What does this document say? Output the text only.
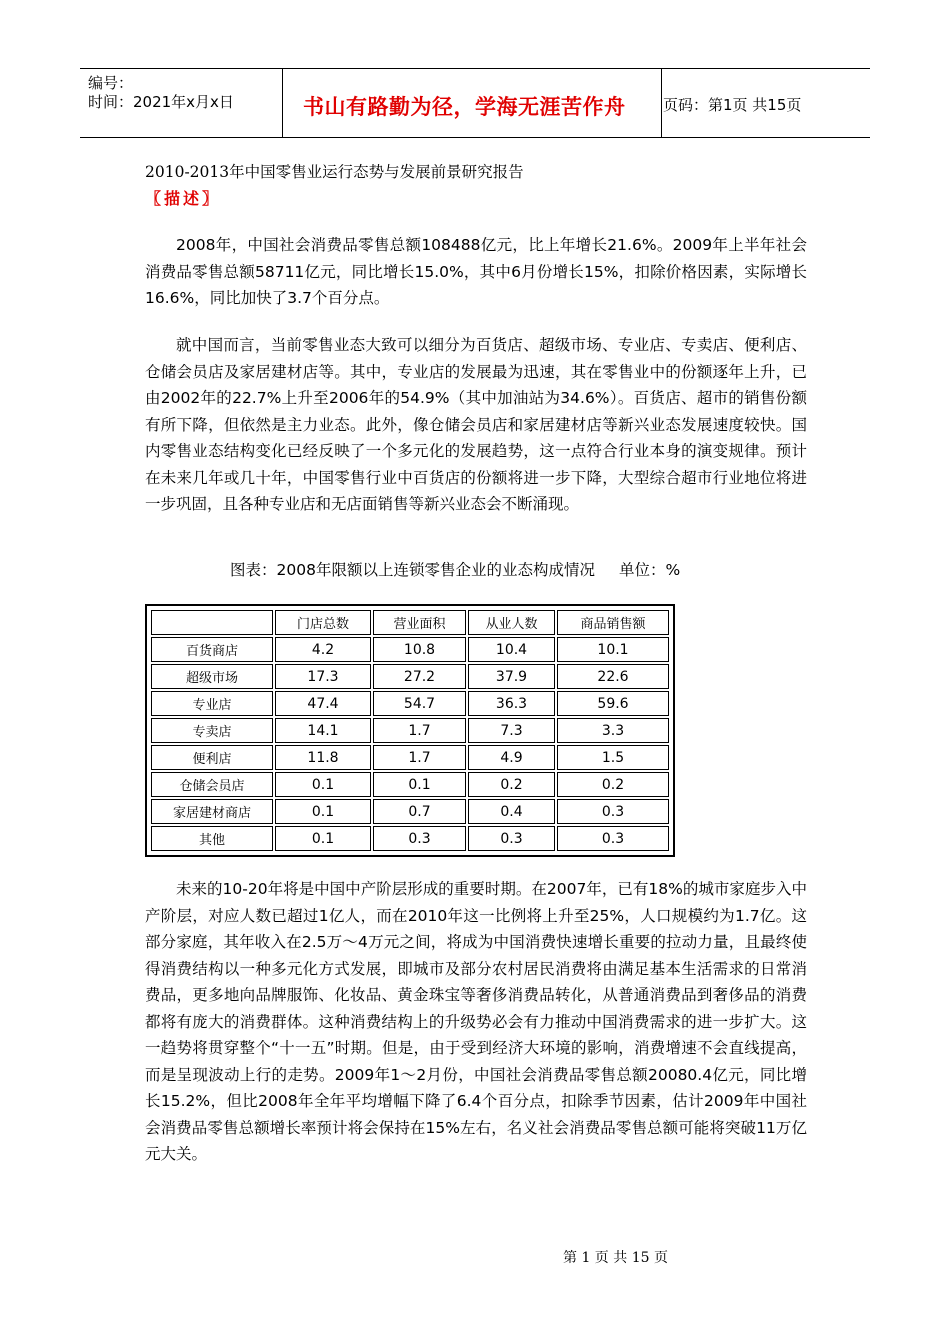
编号：
时间：2021年x月x日	书山有路勤为径，学海无涯苦作舟	页码：第1页 共15页
2010-2013年中国零售业运行态势与发展前景研究报告
〖描述〗
2008年，中国社会消费品零售总额108488亿元，比上年增长21.6%。2009年上半年社会消费品零售总额58711亿元，同比增长15.0%，其中6月份增长15%，扣除价格因素，实际增长16.6%，同比加快了3.7个百分点。
就中国而言，当前零售业态大致可以细分为百货店、超级市场、专业店、专卖店、便利店、仓储会员店及家居建材店等。其中，专业店的发展最为迅速，其在零售业中的份额逐年上升，已由2002年的22.7%上升至2006年的54.9%（其中加油站为34.6%）。百货店、超市的销售份额有所下降，但依然是主力业态。此外，像仓储会员店和家居建材店等新兴业态发展速度较快。国内零售业态结构变化已经反映了一个多元化的发展趋势，这一点符合行业本身的演变规律。预计在未来几年或几十年，中国零售行业中百货店的份额将进一步下降，大型综合超市行业地位将进一步巩固，且各种专业店和无店面销售等新兴业态会不断涌现。
图表：2008年限额以上连锁零售企业的业态构成情况 单位：%
	门店总数	营业面积	从业人数	商品销售额
百货商店	4.2	10.8	10.4	10.1
超级市场	17.3	27.2	37.9	22.6
专业店	47.4	54.7	36.3	59.6
专卖店	14.1	1.7	7.3	3.3
便利店	11.8	1.7	4.9	1.5
仓储会员店	0.1	0.1	0.2	0.2
家居建材商店	0.1	0.7	0.4	0.3
其他	0.1	0.3	0.3	0.3
未来的10-20年将是中国中产阶层形成的重要时期。在2007年，已有18%的城市家庭步入中产阶层，对应人数已超过1亿人，而在2010年这一比例将上升至25%，人口规模约为1.7亿。这部分家庭，其年收入在2.5万～4万元之间，将成为中国消费快速增长重要的拉动力量，且最终使得消费结构以一种多元化方式发展，即城市及部分农村居民消费将由满足基本生活需求的日常消费品，更多地向品牌服饰、化妆品、黄金珠宝等奢侈消费品转化，从普通消费品到奢侈品的消费都将有庞大的消费群体。这种消费结构上的升级势必会有力推动中国消费需求的进一步扩大。这一趋势将贯穿整个“十一五”时期。但是，由于受到经济大环境的影响，消费增速不会直线提高，而是呈现波动上行的走势。2009年1～2月份，中国社会消费品零售总额20080.4亿元，同比增长15.2%，但比2008年全年平均增幅下降了6.4个百分点，扣除季节因素，估计2009年中国社会消费品零售总额增长率预计将会保持在15%左右，名义社会消费品零售总额可能将突破11万亿元大关。
第 1 页 共 15 页
